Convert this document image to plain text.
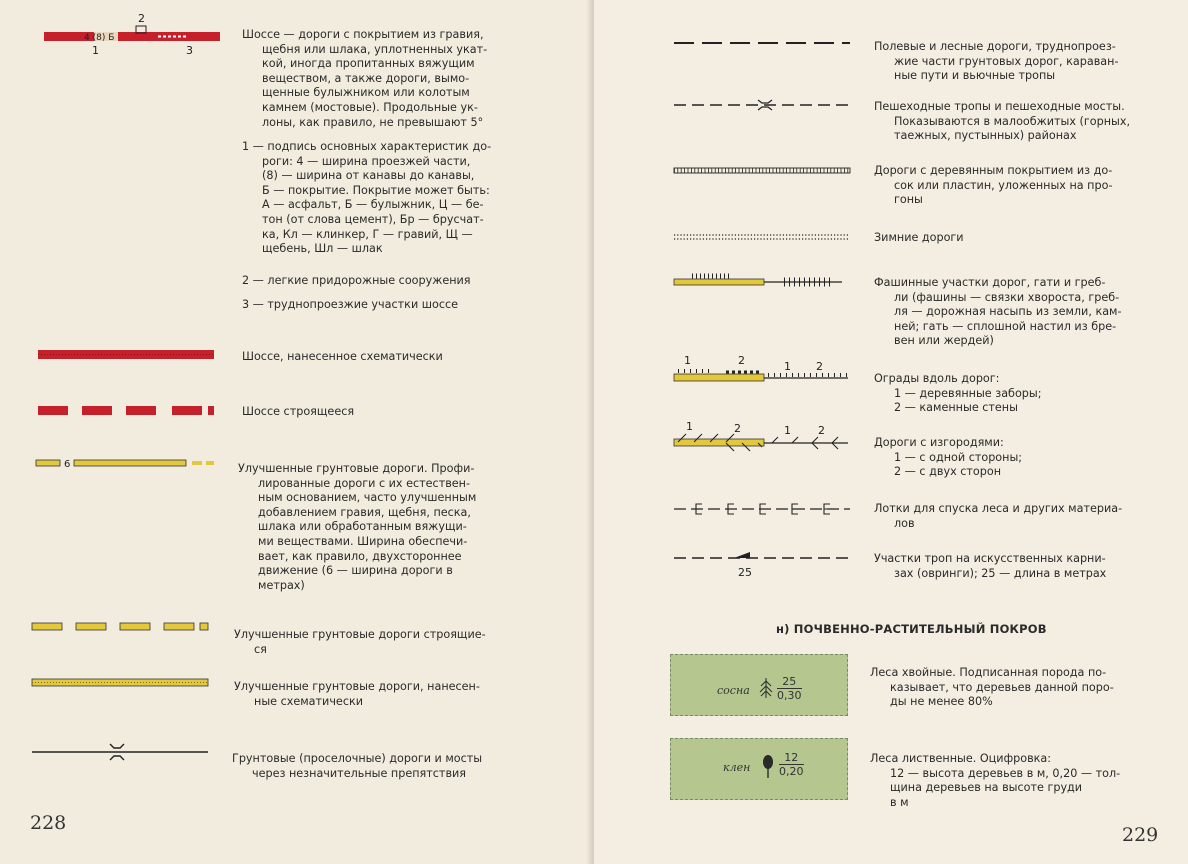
2
4 (8) Б
1	3

Шоссе — дороги с покрытием из гравия,

щебня или шлака, уплотненных укат-

кой, иногда пропитанных вяжущим

веществом, а также дороги, вымо-

щенные булыжником или колотым

камнем (мостовые). Продольные ук-

лоны, как правило, не превышают 5°

1 — подпись основных характеристик до-

роги: 4 — ширина проезжей части,

(8) — ширина от канавы до канавы,

Б — покрытие. Покрытие может быть:

А — асфальт, Б — булыжник, Ц — бе-

тон (от слова цемент), Бр — брусчат-

ка, Кл — клинкер, Г — гравий, Щ —

щебень, Шл — шлак

2 — легкие придорожные сооружения

3 — труднопроезжие участки шоссе

Шоссе, нанесенное схематически

Шоссе строящееся

6	Улучшенные грунтовые дороги. Профи-

лированные дороги с их естествен-

ным основанием, часто улучшенным

добавлением гравия, щебня, песка,

шлака или обработанным вяжущи-

ми веществами. Ширина обеспечи-

вает, как правило, двухстороннее

движение (6 — ширина дороги в

метрах)

Улучшенные грунтовые дороги строящие-

ся

Улучшенные грунтовые дороги, нанесен-

ные схематически

Грунтовые (проселочные) дороги и мосты

через незначительные препятствия

228

Полевые и лесные дороги, труднопроез-

жие части грунтовых дорог, караван-

ные пути и вьючные тропы

Пешеходные тропы и пешеходные мосты.

Показываются в малообжитых (горных,

таежных, пустынных) районах

Дороги с деревянным покрытием из до-

сок или пластин, уложенных на про-

гоны

Зимние дороги

Фашинные участки дорог, гати и греб-

ли (фашины — связки хвороста, греб-

ля — дорожная насыпь из земли, кам-

ней; гать — сплошной настил из бре-

вен или жердей)

1	2	1 2

Ограды вдоль дорог:

1 — деревянные заборы;

2 — каменные стены

1	2	1 2

Дороги с изгородями:

1 — с одной стороны;

2 — с двух сторон

Лотки для спуска леса и других материа-

лов

25

Участки троп на искусственных карни-

зах (овринги); 25 — длина в метрах

н) ПОЧВЕННО-РАСТИТЕЛЬНЫЙ ПОКРОВ
сосна $\frac{25}{0,30}$

Леса хвойные. Подписанная порода по-

казывает, что деревьев данной поро-

ды не менее 80%

клен	$\frac{12}{0,20}$	Леса лиственные. Оцифровка:

12 — высота деревьев в м, 0,20 — тол-

щина деревьев на высоте груди

в м

229
